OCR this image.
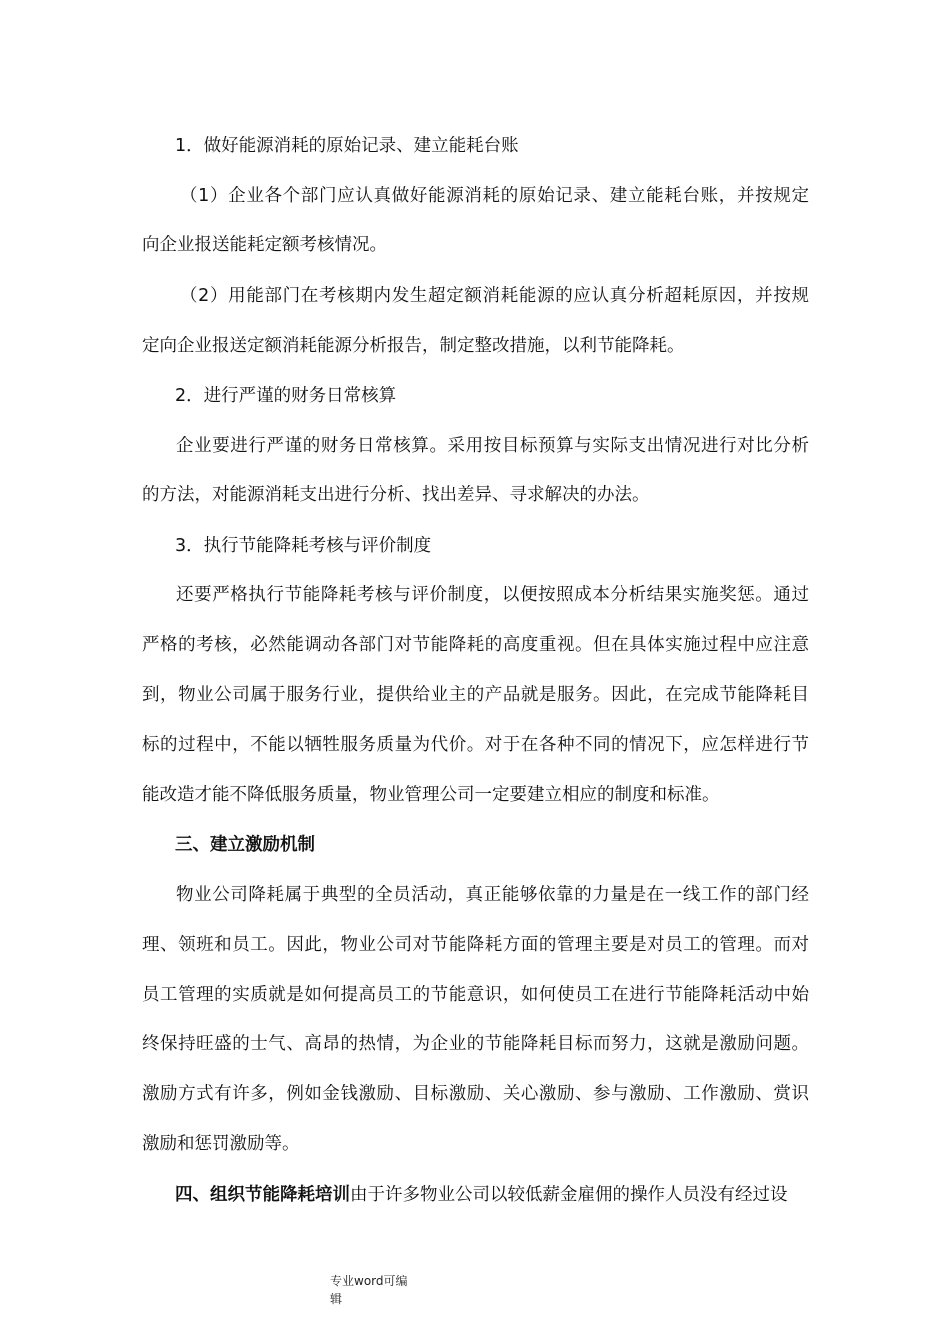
1．做好能源消耗的原始记录、建立能耗台账
（1）企业各个部门应认真做好能源消耗的原始记录、建立能耗台账，并按规定
向企业报送能耗定额考核情况。
（2）用能部门在考核期内发生超定额消耗能源的应认真分析超耗原因，并按规
定向企业报送定额消耗能源分析报告，制定整改措施，以利节能降耗。
2．进行严谨的财务日常核算
企业要进行严谨的财务日常核算。采用按目标预算与实际支出情况进行对比分析
的方法，对能源消耗支出进行分析、找出差异、寻求解决的办法。
3．执行节能降耗考核与评价制度
还要严格执行节能降耗考核与评价制度，以便按照成本分析结果实施奖惩。通过
严格的考核，必然能调动各部门对节能降耗的高度重视。但在具体实施过程中应注意
到，物业公司属于服务行业，提供给业主的产品就是服务。因此，在完成节能降耗目
标的过程中，不能以牺牲服务质量为代价。对于在各种不同的情况下，应怎样进行节
能改造才能不降低服务质量，物业管理公司一定要建立相应的制度和标准。
三、建立激励机制
物业公司降耗属于典型的全员活动，真正能够依靠的力量是在一线工作的部门经
理、领班和员工。因此，物业公司对节能降耗方面的管理主要是对员工的管理。而对
员工管理的实质就是如何提高员工的节能意识，如何使员工在进行节能降耗活动中始
终保持旺盛的士气、高昂的热情，为企业的节能降耗目标而努力，这就是激励问题。
激励方式有许多，例如金钱激励、目标激励、关心激励、参与激励、工作激励、赏识
激励和惩罚激励等。
四、组织节能降耗培训由于许多物业公司以较低薪金雇佣的操作人员没有经过设
专业word可编
辑
